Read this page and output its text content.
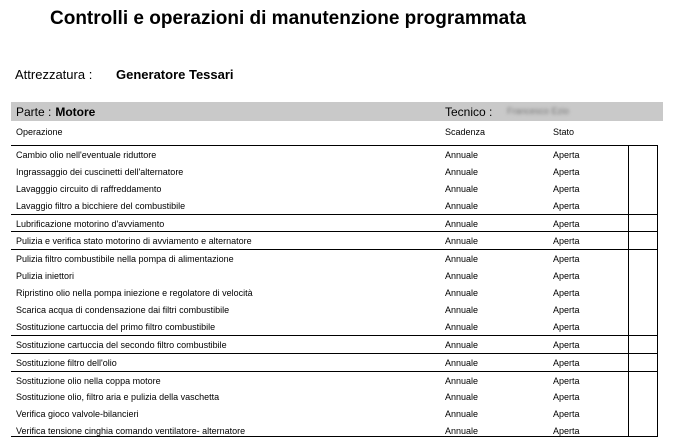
Controlli e operazioni di manutenzione programmata
Attrezzatura : Generatore Tessari
Parte : Motore	Tecnico : Francesco Ezio
Operazione	Scadenza	Stato
Cambio olio nell'eventuale riduttore	Annuale	Aperta
Ingrassaggio dei cuscinetti dell'alternatore	Annuale	Aperta
Lavagggio circuito di raffreddamento	Annuale	Aperta
Lavaggio filtro a bicchiere del combustibile	Annuale	Aperta
Lubrificazione motorino d'avviamento	Annuale	Aperta
Pulizia e verifica stato motorino di avviamento e alternatore	Annuale	Aperta
Pulizia filtro combustibile nella pompa di alimentazione	Annuale	Aperta
Pulizia iniettori	Annuale	Aperta
Ripristino olio nella pompa iniezione e regolatore di velocità	Annuale	Aperta
Scarica acqua di condensazione dai filtri combustibile	Annuale	Aperta
Sostituzione cartuccia del primo filtro combustibile	Annuale	Aperta
Sostituzione cartuccia del secondo filtro combustibile	Annuale	Aperta
Sostituzione filtro dell'olio	Annuale	Aperta
Sostituzione olio nella coppa motore	Annuale	Aperta
Sostituzione olio, filtro aria e pulizia della vaschetta	Annuale	Aperta
Verifica gioco valvole-bilancieri	Annuale	Aperta
Verifica tensione cinghia comando ventilatore- alternatore	Annuale	Aperta
